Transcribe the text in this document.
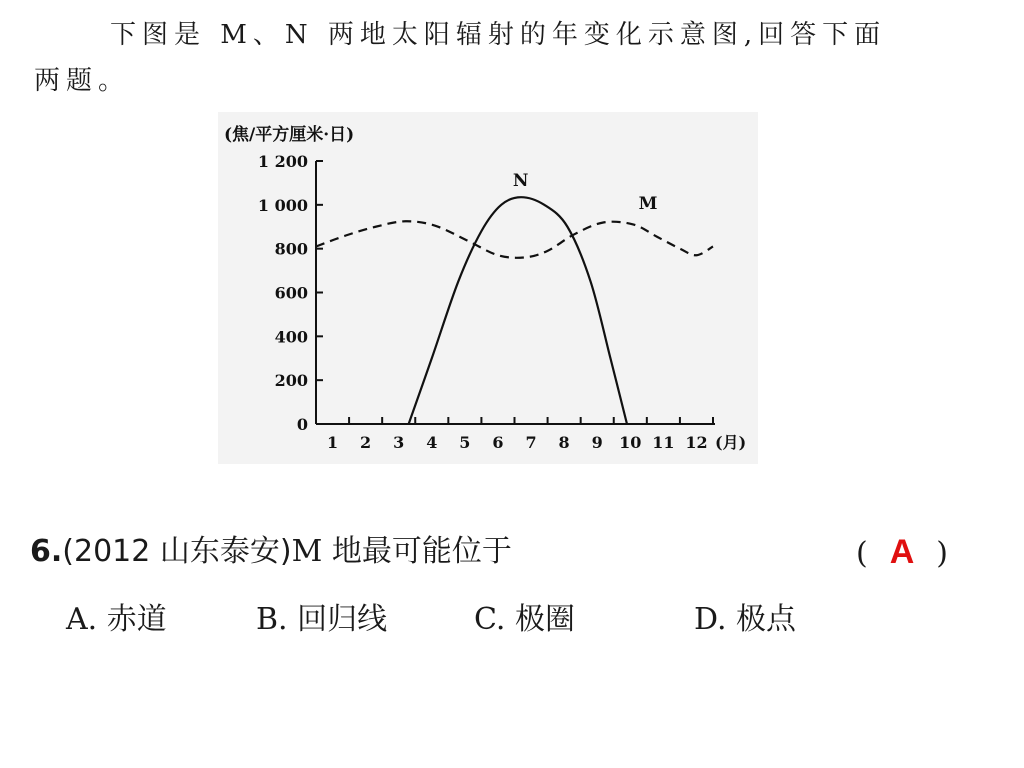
下图是 M、N 两地太阳辐射的年变化示意图,回答下面
两题。
0
200
400
600
800
1 000
1 200
1 2 3 4 5 6 7 8 9 10 11 12
(焦/平方厘米·日)
(月)
N
M
6.(2012 山东泰安)M 地最可能位于	( A )
A. 赤道	B. 回归线	C. 极圈	D. 极点
